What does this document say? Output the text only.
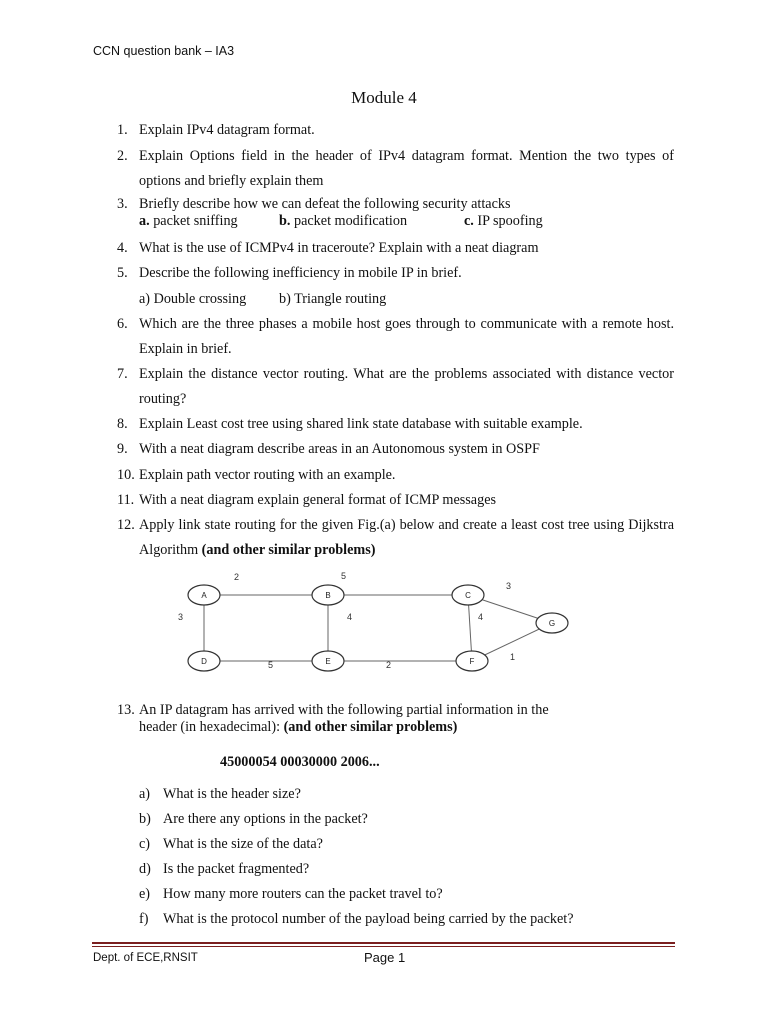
CCN question bank – IA3
Module 4
1. Explain IPv4 datagram format.
2. Explain Options field in the header of IPv4 datagram format. Mention the two types of options and briefly explain them
3. Briefly describe how we can defeat the following security attacks
a. packet sniffing	b. packet modification	c. IP spoofing
4. What is the use of ICMPv4 in traceroute? Explain with a neat diagram
5. Describe the following inefficiency in mobile IP in brief.
a) Double crossing b) Triangle routing
6. Which are the three phases a mobile host goes through to communicate with a remote host. Explain in brief.
7. Explain the distance vector routing. What are the problems associated with distance vector routing?
8. Explain Least cost tree using shared link state database with suitable example.
9. With a neat diagram describe areas in an Autonomous system in OSPF
10. Explain path vector routing with an example.
11. With a neat diagram explain general format of ICMP messages
12. Apply link state routing for the given Fig.(a) below and create a least cost tree using Dijkstra Algorithm (and other similar problems)
2	5
3	4	4
5	2
3
1
A	B	C
D	E	F
G
13. An IP datagram has arrived with the following partial information in the
header (in hexadecimal): (and other similar problems)
45000054 00030000 2006...
a) What is the header size?
b) Are there any options in the packet?
c) What is the size of the data?
d) Is the packet fragmented?
e) How many more routers can the packet travel to?
f) What is the protocol number of the payload being carried by the packet?
Dept. of ECE,RNSIT	Page 1
